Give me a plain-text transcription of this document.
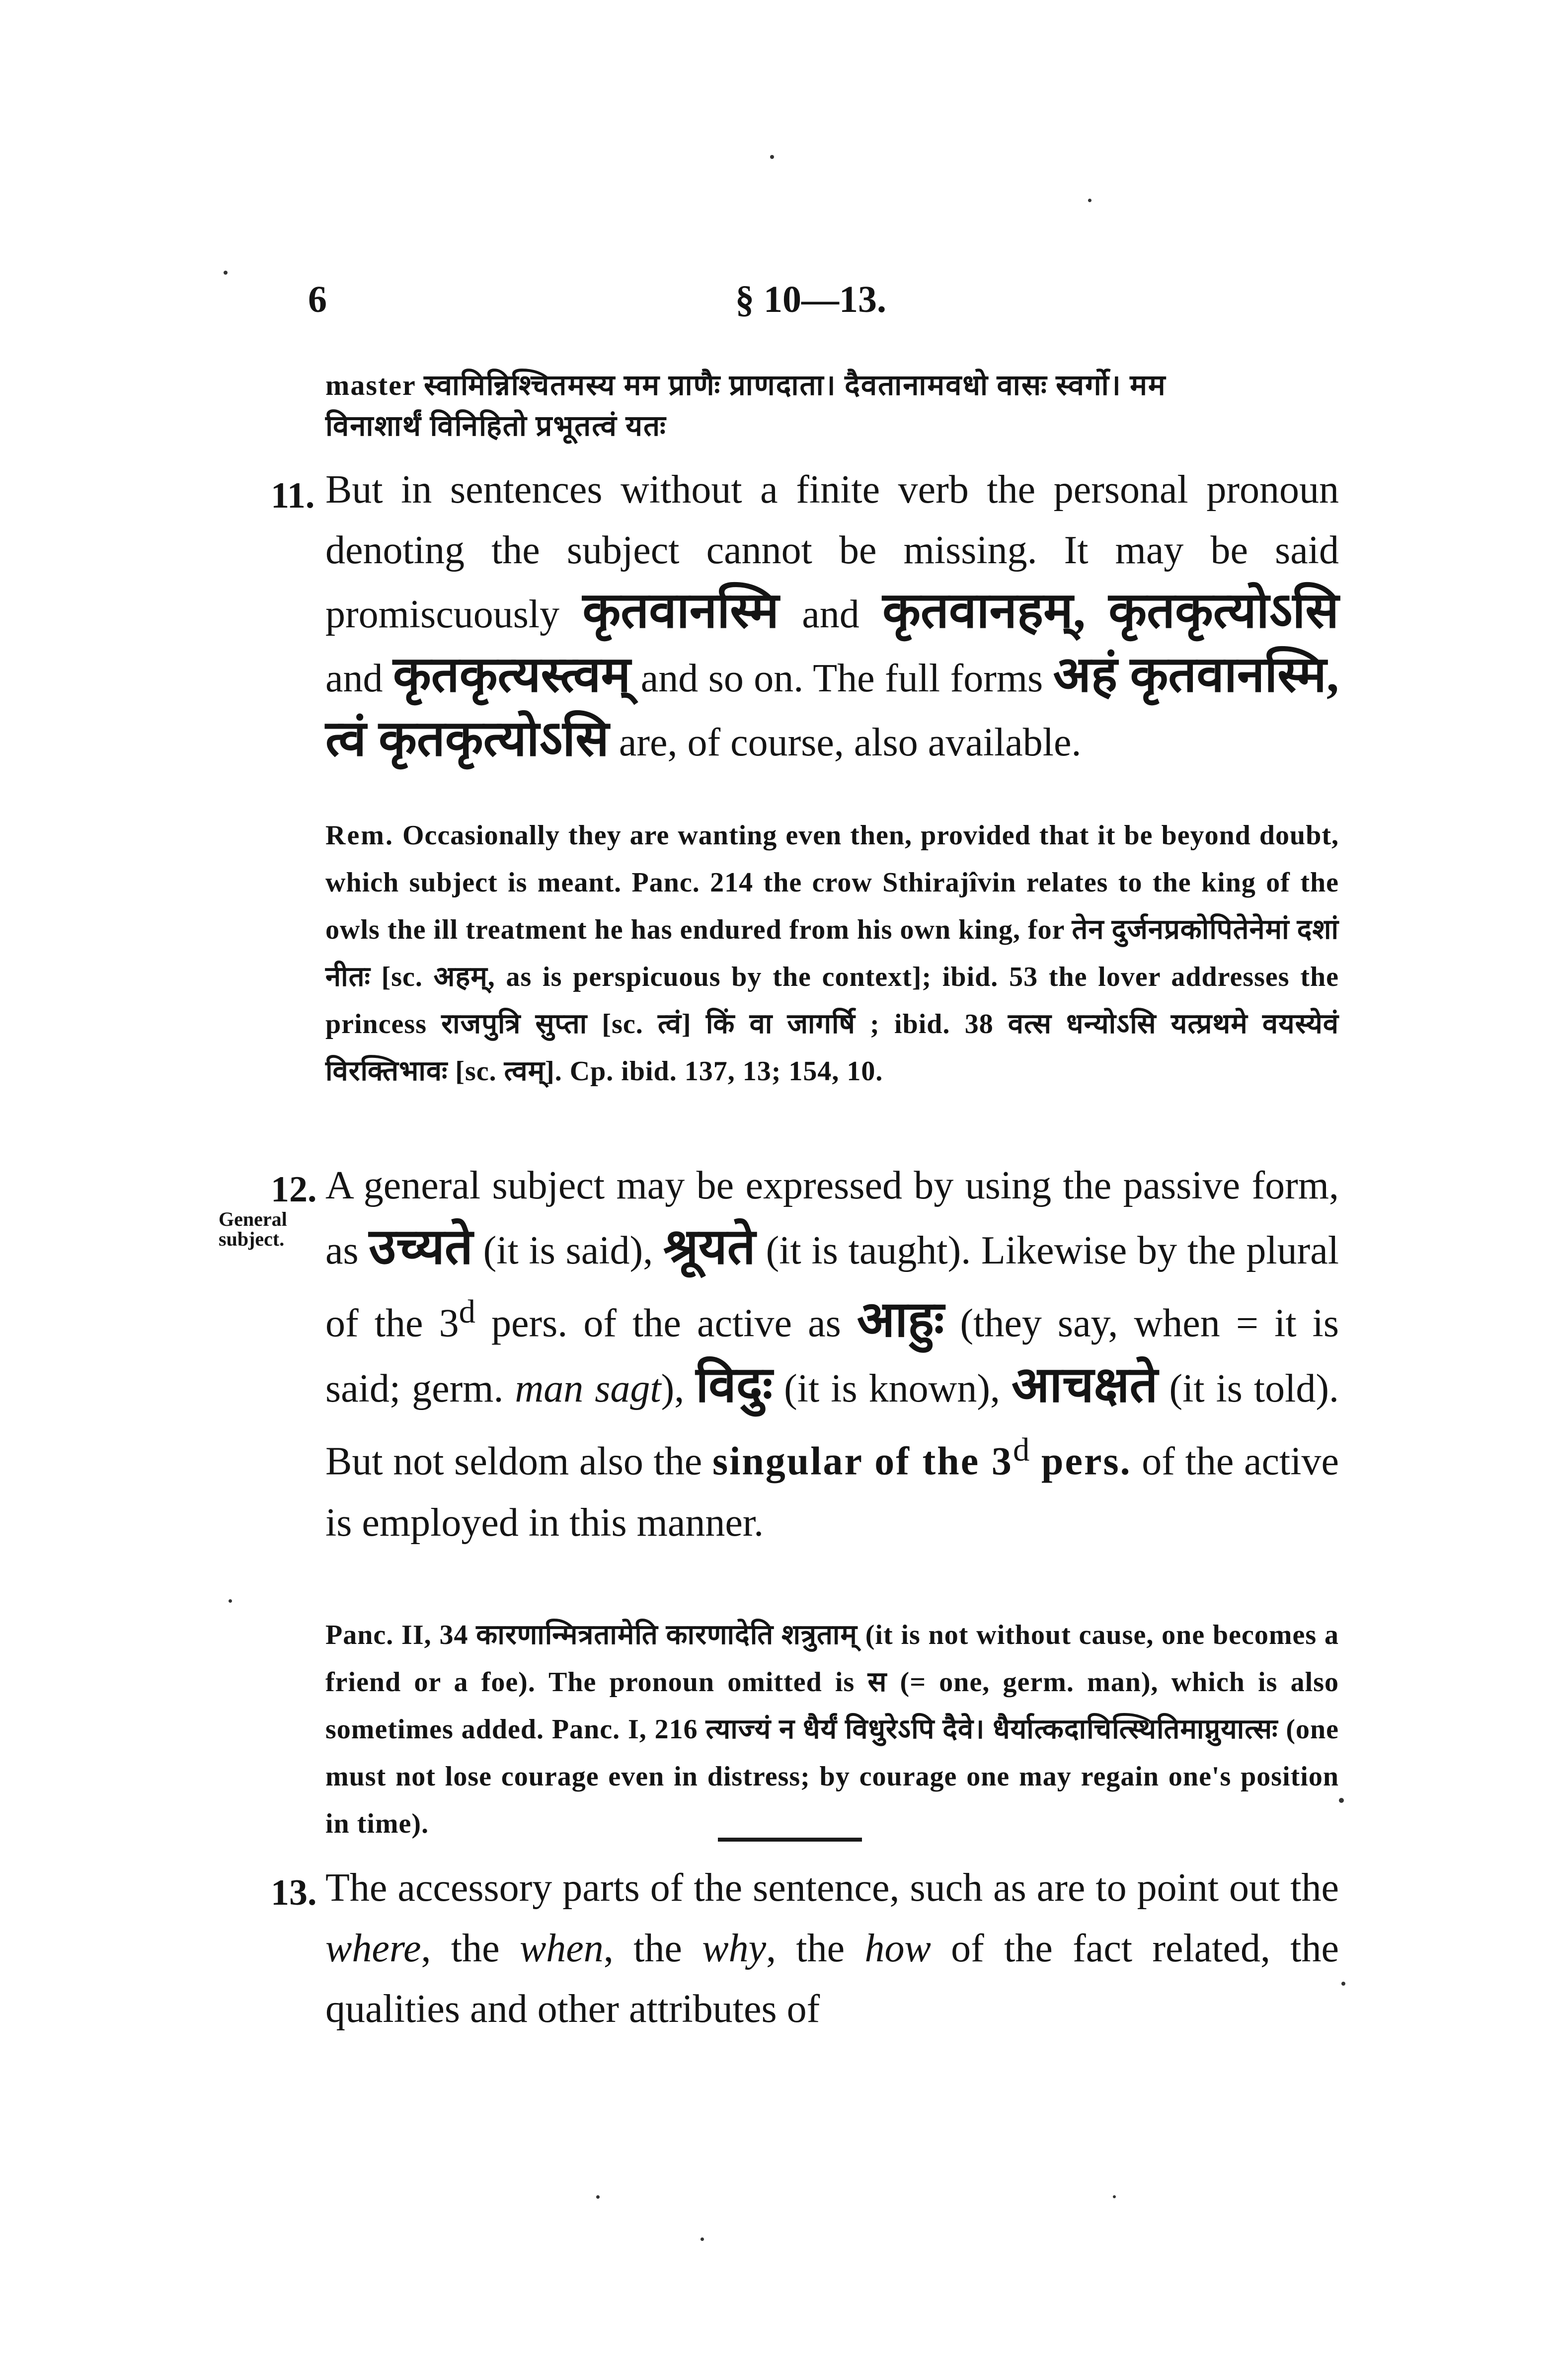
6	§ 10—13.
master स्वामिन्निश्चितमस्य मम प्राणैः प्राणदाता। दैवतानामवधो वासः स्वर्गो। मम
विनाशार्थं विनिहितो प्रभूतत्वं यतः
11. But in sentences without a finite verb the personal pronoun denoting the subject cannot be missing. It may be said promiscuously कृतवानस्मि and कृतवानहम्, कृतकृत्योऽसि and कृतकृत्यस्त्वम् and so on. The full forms अहं कृतवानस्मि, त्वं कृतकृत्योऽसि are, of course, also available.
Rem. Occasionally they are wanting even then, provided that it be beyond doubt, which subject is meant. Panc. 214 the crow Sthirajîvin relates to the king of the owls the ill treatment he has endured from his own king, for तेन दुर्जनप्रकोपितेनेमां दशां नीतः [sc. अहम्, as is perspicuous by the context]; ibid. 53 the lover addresses the princess राजपुत्रि सुप्ता [sc. त्वं] किं वा जागर्षि ; ibid. 38 वत्स धन्योऽसि यत्प्रथमे वयस्येवं विरक्तिभावः [sc. त्वम्]. Cp. ibid. 137, 13; 154, 10.
General subject.
12. A general subject may be expressed by using the passive form, as उच्यते (it is said), श्रूयते (it is taught). Likewise by the plural of the 3$^d$ pers. of the active as आहुः (they say, when = it is said; germ. man sagt), विदुः (it is known), आचक्षते (it is told). But not seldom also the singular of the 3$^d$ pers. of the active is employed in this manner.
Panc. II, 34 कारणान्मित्रतामेति कारणादेति शत्रुताम् (it is not without cause, one becomes a friend or a foe). The pronoun omitted is स (= one, germ. man), which is also sometimes added. Panc. I, 216 त्याज्यं न धैर्यं विधुरेऽपि दैवे। धैर्यात्कदाचित्स्थितिमाप्नुयात्सः (one must not lose courage even in distress; by courage one may regain one's position in time).
13. The accessory parts of the sentence, such as are to point out the where, the when, the why, the how of the fact related, the qualities and other attributes of
